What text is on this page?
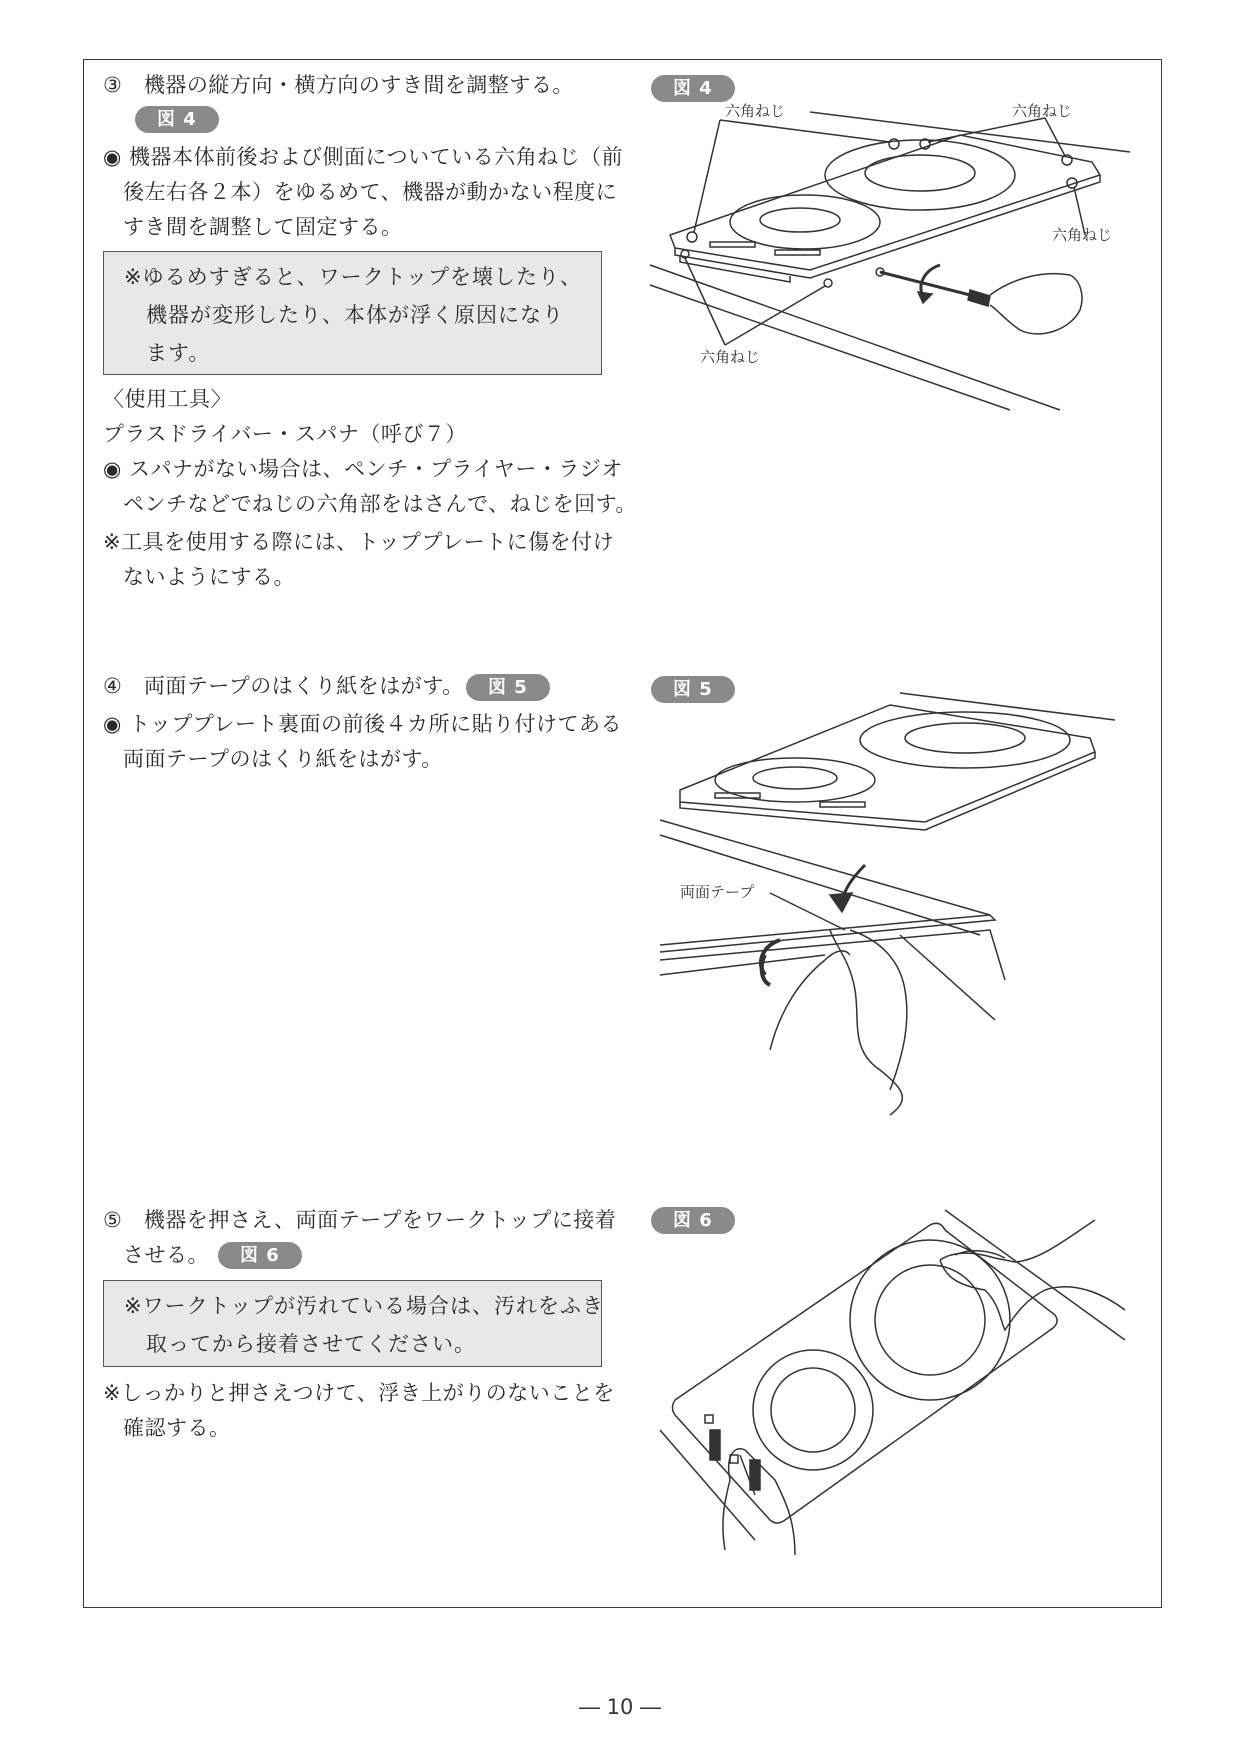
③　機器の縦方向・横方向のすき間を調整する。
図 4
◉ 機器本体前後および側面についている六角ねじ（前
後左右各２本）をゆるめて、機器が動かない程度に
すき間を調整して固定する。
※ゆるめすぎると、ワークトップを壊したり、
機器が変形したり、本体が浮く原因になり
ます。
〈使用工具〉
プラスドライバー・スパナ（呼び７）
◉ スパナがない場合は、ペンチ・プライヤー・ラジオ
ペンチなどでねじの六角部をはさんで、ねじを回す。
※工具を使用する際には、トッププレートに傷を付け
ないようにする。
④　両面テープのはくり紙をはがす。	図 5
◉ トッププレート裏面の前後４カ所に貼り付けてある
両面テープのはくり紙をはがす。
⑤　機器を押さえ、両面テープをワークトップに接着
させる。	図 6
※ワークトップが汚れている場合は、汚れをふき
取ってから接着させてください。
※しっかりと押さえつけて、浮き上がりのないことを
確認する。
図 4
六角ねじ	六角ねじ
六角ねじ
六角ねじ
図 5
両面テープ
図 6
― 10 ―
